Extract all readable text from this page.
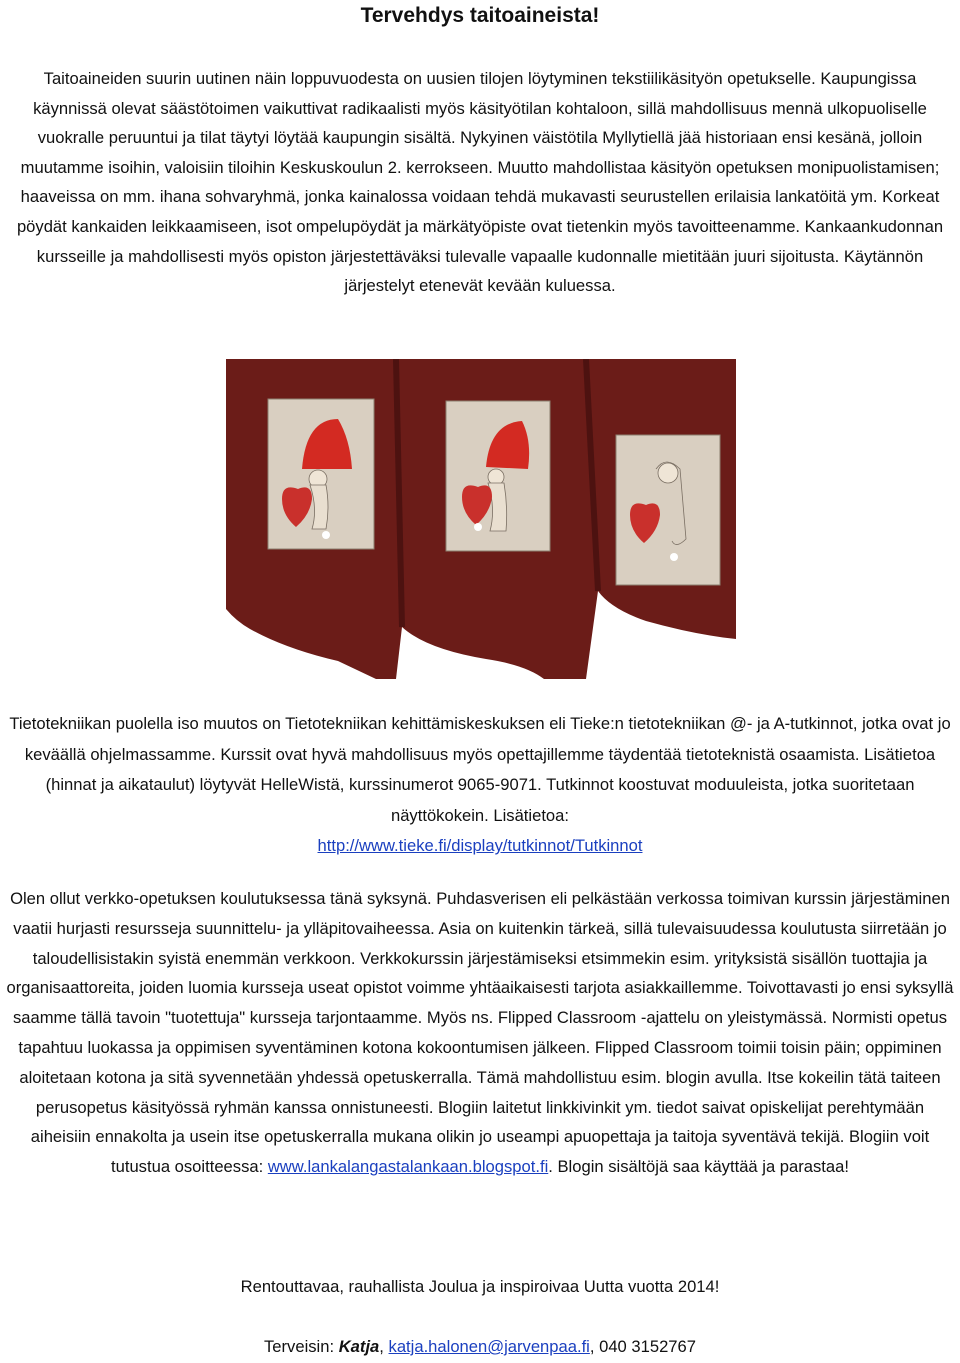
Tervehdys taitoaineista!

Taitoaineiden suurin uutinen näin loppuvuodesta on uusien tilojen löytyminen tekstiilikäsityön opetukselle. Kaupungissa käynnissä olevat säästötoimen vaikuttivat radikaalisti myös käsityötilan kohtaloon, sillä mahdollisuus mennä ulkopuoliselle vuokralle peruuntui ja tilat täytyi löytää kaupungin sisältä. Nykyinen väistötila Myllytiellä jää historiaan ensi kesänä, jolloin muutamme isoihin, valoisiin tiloihin Keskuskoulun 2. kerrokseen. Muutto mahdollistaa käsityön opetuksen monipuolistamisen; haaveissa on mm. ihana sohvaryhmä, jonka kainalossa voidaan tehdä mukavasti seurustellen erilaisia lankatöitä ym. Korkeat pöydät kankaiden leikkaamiseen, isot ompelupöydät ja märkätyöpiste ovat tietenkin myös tavoitteenamme. Kankaankudonnan kursseille ja mahdollisesti myös opiston järjestettäväksi tulevalle vapaalle kudonnalle mietitään juuri sijoitusta. Käytännön järjestelyt etenevät kevään kuluessa.

Tietotekniikan puolella iso muutos on Tietotekniikan kehittämiskeskuksen eli Tieke:n tietotekniikan @- ja A-tutkinnot, jotka ovat jo keväällä ohjelmassamme. Kurssit ovat hyvä mahdollisuus myös opettajillemme täydentää tietoteknistä osaamista. Lisätietoa (hinnat ja aikataulut) löytyvät HelleWistä, kurssinumerot 9065-9071. Tutkinnot koostuvat moduuleista, jotka suoritetaan näyttökokein. Lisätietoa:
http://www.tieke.fi/display/tutkinnot/Tutkinnot

Olen ollut verkko-opetuksen koulutuksessa tänä syksynä. Puhdasverisen eli pelkästään verkossa toimivan kurssin järjestäminen vaatii hurjasti resursseja suunnittelu- ja ylläpitovaiheessa. Asia on kuitenkin tärkeä, sillä tulevaisuudessa koulutusta siirretään jo taloudellisistakin syistä enemmän verkkoon. Verkkokurssin järjestämiseksi etsimmekin esim. yrityksistä sisällön tuottajia ja organisaattoreita, joiden luomia kursseja useat opistot voimme yhtäaikaisesti tarjota asiakkaillemme. Toivottavasti jo ensi syksyllä saamme tällä tavoin "tuotettuja" kursseja tarjontaamme. Myös ns. Flipped Classroom -ajattelu on yleistymässä. Normisti opetus tapahtuu luokassa ja oppimisen syventäminen kotona kokoontumisen jälkeen. Flipped Classroom toimii toisin päin; oppiminen aloitetaan kotona ja sitä syvennetään yhdessä opetuskerralla. Tämä mahdollistuu esim. blogin avulla. Itse kokeilin tätä taiteen perusopetus käsityössä ryhmän kanssa onnistuneesti. Blogiin laitetut linkkivinkit ym. tiedot saivat opiskelijat perehtymään aiheisiin ennakolta ja usein itse opetuskerralla mukana olikin jo useampi apuopettaja ja taitoja syventävä tekijä. Blogiin voit tutustua osoitteessa: www.lankalangastalankaan.blogspot.fi. Blogin sisältöjä saa käyttää ja parastaa!

Rentouttavaa, rauhallista Joulua ja inspiroivaa Uutta vuotta 2014!

Terveisin: Katja, katja.halonen@jarvenpaa.fi, 040 3152767
